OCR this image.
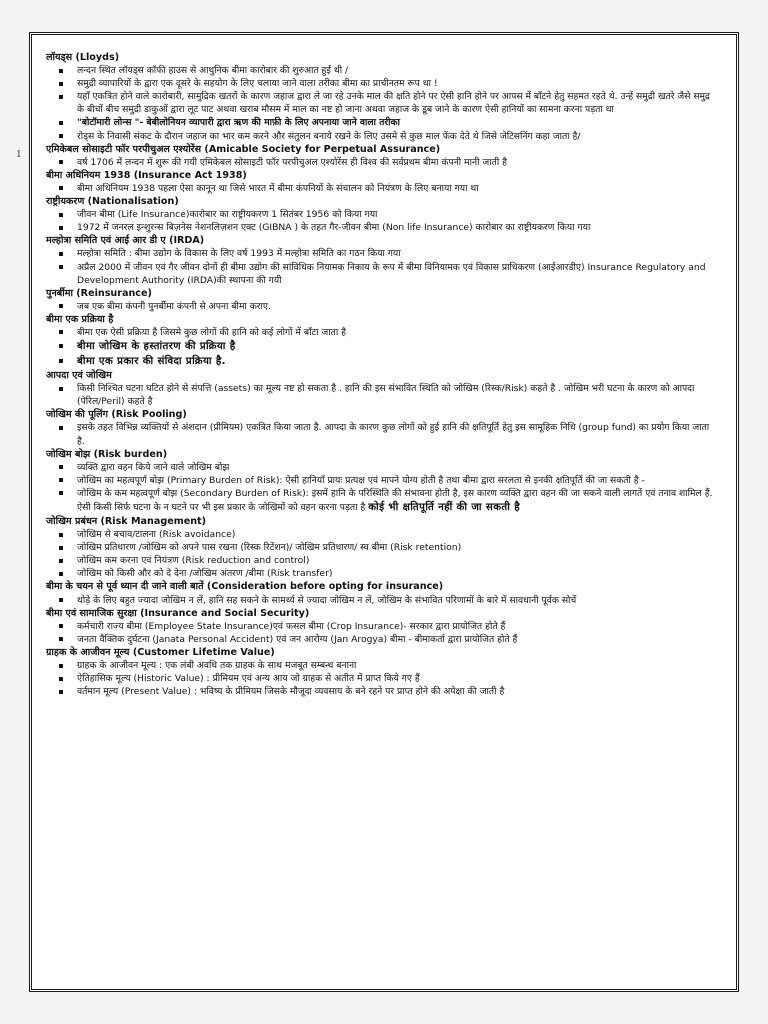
1

लॉयड्स (Lloyds)

लन्दन स्थित लॉयड्स कॉफी हाउस से आधुनिक बीमा कारोबार की शुरुआत हुई थी /
समुद्री व्यापारियों के द्वारा एक दूसरे के सहयोग के लिए चलाया जाने वाला तरीका बीमा का प्राचीनतम रूप था !
यहाँ एकत्रित होने वाले कारोबारी, सामुद्रिक खतरों के कारण जहाज द्वारा ले जा रहे उनके माल की क्षति होने पर ऐसी हानि होने पर आपस में बाँटने हेतु सहमत रहते थे. उन्हें समुद्री खतरे जैसे समुद्र के बीचों बीच समुद्री डाकुओं द्वारा लूट पाट अथवा खराब मौसम में माल का नष्ट हो जाना अथवा जहाज के डूब जाने के कारण ऐसी हानियों का सामना करना पड़ता था
"बोटॉमारी लोन्स "- बेबीलोनियन व्यापारी द्वारा ऋण की माफ़ी के लिए अपनाया जाने वाला तरीका
रोड्स के निवासी संकट के दौरान जहाज का भार कम करने और संतुलन बनाये रखने के लिए उसमे से कुछ माल फेंक देते थे जिसे जेटिसनिंग कहा जाता है/

एमिकेबल सोसाइटी फॉर परपीचुअल एश्योरेंस (Amicable Society for Perpetual Assurance)

वर्ष 1706 में लन्दन में शुरू की गयी एमिकेबल सोसाइटी फॉर परपीचुअल एश्योरेंस ही विश्व की सर्वप्रथम बीमा कंपनी मानी जाती है

बीमा अधिनियम 1938 (Insurance Act 1938)

बीमा अधिनियम 1938 पहला ऐसा कानून था जिसे भारत में बीमा कंपनियों के संचालन को नियंत्रण के लिए बनाया गया था

राष्ट्रीयकरण (Nationalisation)

जीवन बीमा (Life Insurance)कारोबार का राष्ट्रीयकरण 1 सितंबर 1956 को किया गया
1972 में जनरल इन्शुरन्स बिज़नेस नेशनलिज़शन एक्ट (GIBNA ) के तहत गैर-जीवन बीमा (Non life Insurance) कारोबार का राष्ट्रीयकरण किया गया

मल्होत्रा समिति एवं आई आर डी ए (IRDA)

मल्होत्रा समिति : बीमा उद्योग के विकास के लिए वर्ष 1993 में मल्होत्रा समिति का गठन किया गया
अप्रैल 2000 में जीवन एवं गैर जीवन दोनों ही बीमा उद्योग की सांविधिक नियामक निकाय के रूप में बीमा विनियामक एवं विकास प्राधिकरण (आईआरडीए) Insurance Regulatory and Development Authority (IRDA)की स्थापना की गयी

पुनर्बीमा (Reinsurance)

जब एक बीमा कंपनी पुनर्बीमा कंपनी से अपना बीमा कराए.

बीमा एक प्रक्रिया है

बीमा एक ऐसी प्रक्रिया है जिसमे कुछ लोगों की हानि को कई लोगों में बाँटा जाता है
बीमा जोखिम के हस्तांतरण की प्रक्रिया है
बीमा एक प्रकार की संविदा प्रक्रिया है.

आपदा एवं जोखिम

किसी निश्चित घटना घटित होने से संपत्ति (assets) का मूल्य नष्ट हो सकता है . हानि की इस संभावित स्थिति को जोखिम (रिस्क/Risk) कहते है . जोखिम भरी घटना के कारण को आपदा (पेरिल/Peril) कहते है

जोखिम की पूलिंग (Risk Pooling)

इसके तहत विभिन्न व्यक्तियों से अंशदान (प्रीमियम) एकत्रित किया जाता है. आपदा के कारण कुछ लोगों को हुई हानि की क्षतिपूर्ति हेतु इस सामूहिक निधि (group fund) का प्रयोग किया जाता है.

जोखिम बोझ (Risk burden)

व्यक्ति द्वारा वहन किये जाने वाले जोखिम बोझ
जोखिम का महत्वपूर्ण बोझ (Primary Burden of Risk): ऐसी हानियाँ प्रायः प्रत्यक्ष एवं मापने योग्य होती है तथा बीमा द्वारा सरलता से इनकी क्षतिपूर्ति की जा सकती है -
जोखिम के कम महत्वपूर्ण बोझ (Secondary Burden of Risk): इसमें हानि के परिस्थिति की संभावना होती है, इस कारण व्यक्ति द्वारा वहन की जा सकने वाली लागतें एवं तनाव शामिल हैं. ऐसी किसी सिर्फ घटना के न घटने पर भी इस प्रकार के जोखिमों को वहन करना पड़ता है कोई भी क्षतिपूर्ति नहीं की जा सकती है

जोखिम प्रबंधन (Risk Management)

जोखिम से बचाव/टालना (Risk avoidance)
जोखिम प्रतिधारण /जोखिम को अपने पास रखना (रिस्क रिटेंशन)/ जोखिम प्रतिधारण/ स्व बीमा (Risk retention)
जोखिम कम करना एवं नियंत्रण (Risk reduction and control)
जोखिम को किसी और को दे देना /जोखिम अंतरण /बीमा (Risk transfer)

बीमा के चयन से पूर्व ध्यान दी जाने वाली बातें (Consideration before opting for insurance)

थोड़े के लिए बहुत ज्यादा जोखिम न लें, हानि सह सकने के सामर्थ्य से ज्यादा जोखिम न लें, जोखिम के संभावित परिणामों के बारे में सावधानी पूर्वक सोचें

बीमा एवं सामाजिक सुरक्षा (Insurance and Social Security)

कर्मचारी राज्य बीमा (Employee State Insurance)एवं फसल बीमा (Crop Insurance)- सरकार द्वारा प्रायोजित होते हैं
जनता वैक्तिक दुर्घटना (Janata Personal Accident) एवं जन आरोग्य (Jan Arogya) बीमा - बीमाकर्ता द्वारा प्रायोजित होते हैं

ग्राहक के आजीवन मूल्य (Customer Lifetime Value)

ग्राहक के आजीवन मूल्य : एक लंबी अवधि तक ग्राहक के साथ मजबूत सम्बन्ध बनाना
ऐतिहासिक मूल्य (Historic Value) : प्रीमियम एवं अन्य आय जो ग्राहक से अतीत में प्राप्त किये गए हैं
वर्तमान मूल्य (Present Value) : भविष्य के प्रीमियम जिसके मौजूदा व्यवसाय के बने रहने पर प्राप्त होने की अपेक्षा की जाती है
